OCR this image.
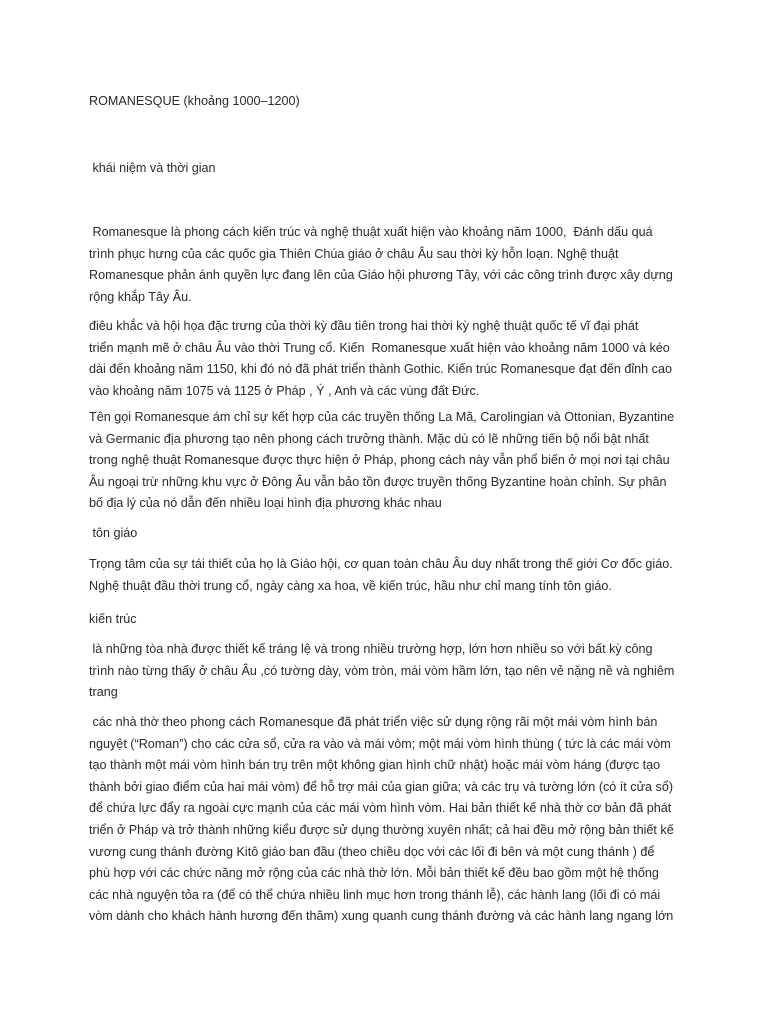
ROMANESQUE (khoảng 1000–1200)

khái niệm và thời gian

Romanesque là phong cách kiến trúc và nghệ thuật xuất hiện vào khoảng năm 1000,  Đánh dấu quá
trình phục hưng của các quốc gia Thiên Chúa giáo ở châu Âu sau thời kỳ hỗn loạn. Nghệ thuật
Romanesque phản ánh quyền lực đang lên của Giáo hội phương Tây, với các công trình được xây dựng
rộng khắp Tây Âu.

điêu khắc và hội họa đặc trưng của thời kỳ đầu tiên trong hai thời kỳ nghệ thuật quốc tế vĩ đại phát
triển mạnh mẽ ở châu Âu vào thời Trung cổ. Kiến  Romanesque xuất hiện vào khoảng năm 1000 và kéo
dài đến khoảng năm 1150, khi đó nó đã phát triển thành Gothic. Kiến trúc Romanesque đạt đến đỉnh cao
vào khoảng năm 1075 và 1125 ở Pháp , Ý , Anh và các vùng đất Đức.

Tên gọi Romanesque ám chỉ sự kết hợp của các truyền thống La Mã, Carolingian và Ottonian, Byzantine
và Germanic địa phương tạo nên phong cách trưởng thành. Mặc dù có lẽ những tiến bộ nổi bật nhất
trong nghệ thuật Romanesque được thực hiện ở Pháp, phong cách này vẫn phổ biến ở mọi nơi tại châu
Âu ngoại trừ những khu vực ở Đông Âu vẫn bảo tồn được truyền thống Byzantine hoàn chỉnh. Sự phân
bố địa lý của nó dẫn đến nhiều loại hình địa phương khác nhau

tôn giáo

Trọng tâm của sự tái thiết của họ là Giáo hội, cơ quan toàn châu Âu duy nhất trong thế giới Cơ đốc giáo.
Nghệ thuật đầu thời trung cổ, ngày càng xa hoa, về kiến trúc, hầu như chỉ mang tính tôn giáo.

kiến trúc

là những tòa nhà được thiết kế tráng lệ và trong nhiều trường hợp, lớn hơn nhiều so với bất kỳ công
trình nào từng thấy ở châu Âu ,có tường dày, vòm tròn, mái vòm hầm lớn, tạo nên vẻ nặng nề và nghiêm
trang

các nhà thờ theo phong cách Romanesque đã phát triển việc sử dụng rộng rãi một mái vòm hình bán
nguyệt (“Roman”) cho các cửa sổ, cửa ra vào và mái vòm; một mái vòm hình thùng ( tức là các mái vòm
tạo thành một mái vòm hình bán trụ trên một không gian hình chữ nhật) hoặc mái vòm háng (được tạo
thành bởi giao điểm của hai mái vòm) để hỗ trợ mái của gian giữa; và các trụ và tường lớn (có ít cửa sổ)
để chứa lực đẩy ra ngoài cực mạnh của các mái vòm hình vòm. Hai bản thiết kế nhà thờ cơ bản đã phát
triển ở Pháp và trở thành những kiểu được sử dụng thường xuyên nhất; cả hai đều mở rộng bản thiết kế
vương cung thánh đường Kitô giáo ban đầu (theo chiều dọc với các lối đi bên và một cung thánh ) để
phù hợp với các chức năng mở rộng của các nhà thờ lớn. Mỗi bản thiết kế đều bao gồm một hệ thống
các nhà nguyện tỏa ra (để có thể chứa nhiều linh mục hơn trong thánh lễ), các hành lang (lối đi có mái
vòm dành cho khách hành hương đến thăm) xung quanh cung thánh đường và các hành lang ngang lớn
